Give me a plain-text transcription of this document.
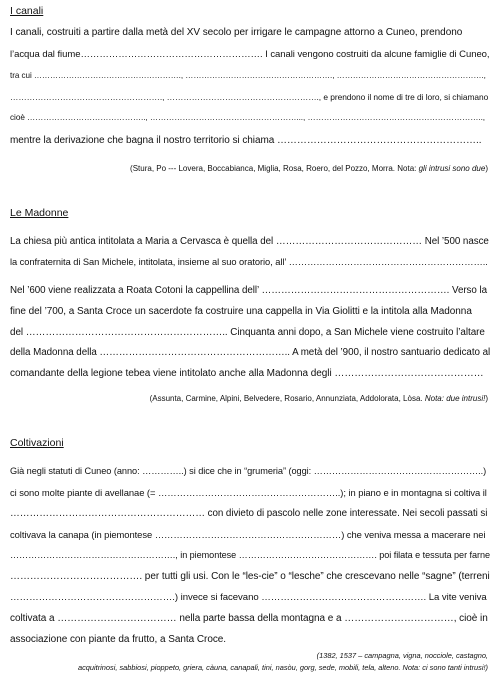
I canali
I canali, costruiti a partire dalla metà del XV secolo per irrigare le campagne attorno a Cuneo, prendono
l’acqua dal fiume…………………………………………………. I canali vengono costruiti da alcune famiglie di Cuneo,
tra cui ………………………………………………., ………………………………………………., ……………………………………………….,
………………………………………………., ………………………………………………., e prendono il nome di tre di loro, si chiamano
cioè …………………………………….., ………………………………………………..., ………………………………………………………..,
mentre la derivazione che bagna il nostro territorio si chiama ……………………………………………………..
(Stura, Po --- Lovera, Boccabianca, Miglia, Rosa, Roero, del Pozzo, Morra. Nota: gli intrusi sono due)
Le Madonne
La chiesa più antica intitolata a Maria a Cervasca è quella del ……………………………………… Nel ’500 nasce
la confraternita di San Michele, intitolata, insieme al suo oratorio, all’ ………………………………………………………..
Nel ’600 viene realizzata a Roata Cotoni la cappellina dell’ …………………………………………………. Verso la
fine del ’700, a Santa Croce un sacerdote fa costruire una cappella in Via Giolitti e la intitola alla Madonna
del …………………………………………………….. Cinquanta anni dopo, a San Michele viene costruito l’altare
della Madonna della ………………………………………………….. A metà del ’900, il nostro santuario dedicato al
comandante della legione tebea viene intitolato anche alla Madonna degli ………………………………………
(Assunta, Carmine, Alpini, Belvedere, Rosario, Annunziata, Addolorata, Lòsa. Nota: due intrusi!)
Coltivazioni
Già negli statuti di Cuneo (anno: …………..) si dice che in “grumeria” (oggi: ………………………………………………..)
ci sono molte piante di avellanae (= …………………………………………………..); in piano e in montagna si coltiva il
…………………………………………………… con divieto di pascolo nelle zone interessate. Nei secoli passati si
coltivava la canapa (in piemontese ……………………………………………………) che veniva messa a macerare nei
………………………………………………., in piemontese ………………………………………. poi filata e tessuta per farne
…………………………………. per tutti gli usi. Con le “les-cie” o “lesche” che crescevano nelle “sagne” (terreni
…………………………………………….) invece si facevano ……………………………………………. La vite veniva
coltivata a ……………………………… nella parte bassa della montagna e a ……………………………, cioè in
associazione con piante da frutto, a Santa Croce.
(1382, 1537 – campagna, vigna, nocciole, castagno,
acquitrinosi, sabbiosi, pioppeto, griera, càuna, canapali, tini, nasòu, gorg, sede, mobili, tela, alteno. Nota: ci sono tanti intrusi!)
